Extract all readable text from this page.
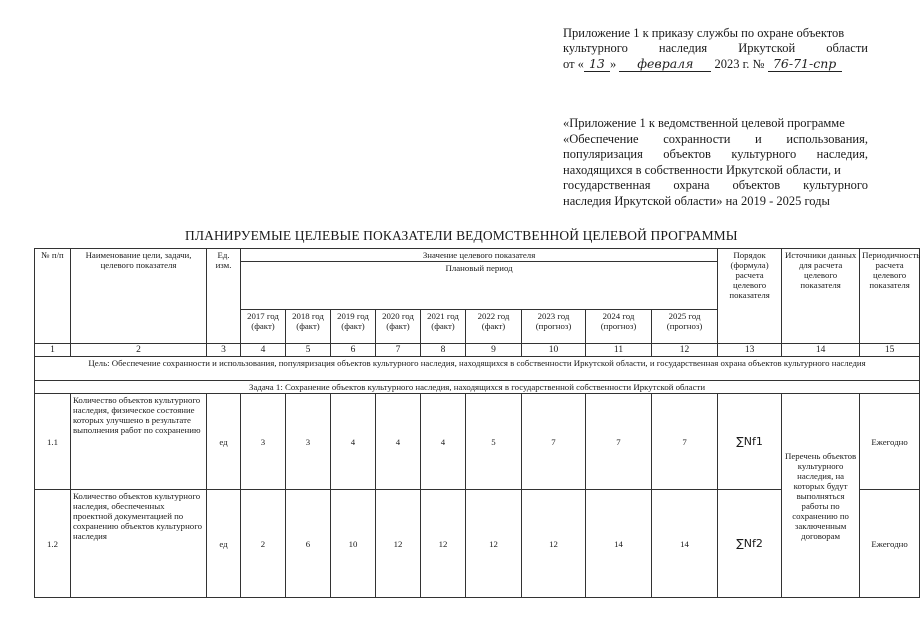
Приложение 1 к приказу службы по охране объектов
культурного наследия Иркутской области
от « 13 » февраля 2023 г. № 76-71-спр
«Приложение 1 к ведомственной целевой программе
«Обеспечение сохранности и использования,
популяризация объектов культурного наследия,
находящихся в собственности Иркутской области, и
государственная охрана объектов культурного
наследия Иркутской области» на 2019 - 2025 годы
ПЛАНИРУЕМЫЕ ЦЕЛЕВЫЕ ПОКАЗАТЕЛИ ВЕДОМСТВЕННОЙ ЦЕЛЕВОЙ ПРОГРАММЫ
№ п/п	Наименование цели, задачи, целевого показателя	Ед. изм.	Значение целевого показателя									Порядок (формула) расчета целевого показателя	Источники данных для расчета целевого показателя	Периодичность расчета целевого показателя
			Плановый период											
			2017 год (факт)	2018 год (факт)	2019 год (факт)	2020 год (факт)	2021 год (факт)	2022 год (факт)	2023 год (прогноз)	2024 год (прогноз)	2025 год (прогноз)			
1	2	3	4	5	6	7	8	9	10	11	12	13	14	15
Цель: Обеспечение сохранности и использования, популяризация объектов культурного наследия, находящихся в собственности Иркутской области, и государственная охрана объектов культурного наследия														
Задача 1: Сохранение объектов культурного наследия, находящихся в государственной собственности Иркутской области														
1.1	Количество объектов культурного наследия, физическое состояние которых улучшено в результате выполнения работ по сохранению	ед	3	3	4	4	4	5	7	7	7	∑Nf1	Перечень объектов культурного наследия, на которых будут выполняться работы по сохранению по заключенным договорам	Ежегодно
1.2	Количество объектов культурного наследия, обеспеченных проектной документацией по сохранению объектов культурного наследия	ед	2	6	10	12	12	12	12	14	14	∑Nf2		Ежегодно
